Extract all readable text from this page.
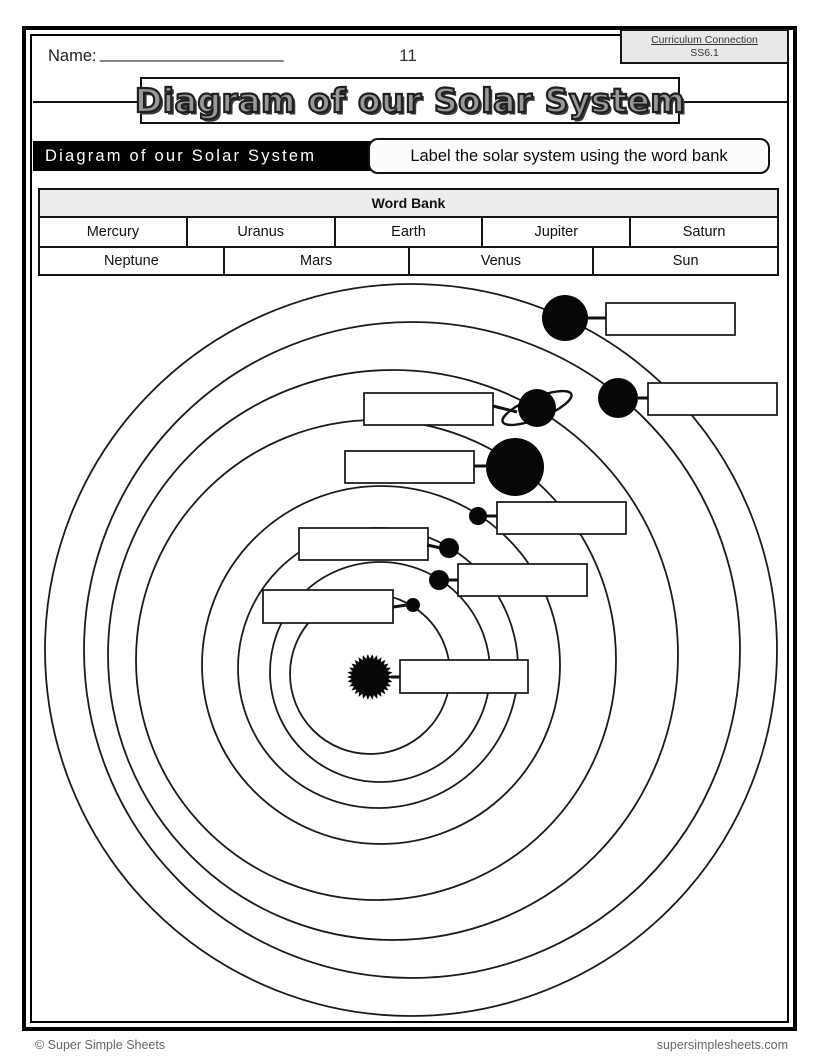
Name: ____________________	11
Curriculum Connection
SS6.1
Diagram of our Solar System
Diagram of our Solar System	Label the solar system using the word bank
Word Bank
Mercury	Uranus	Earth	Jupiter	Saturn
Neptune	Mars	Venus	Sun
© Super Simple Sheets	supersimplesheets.com
